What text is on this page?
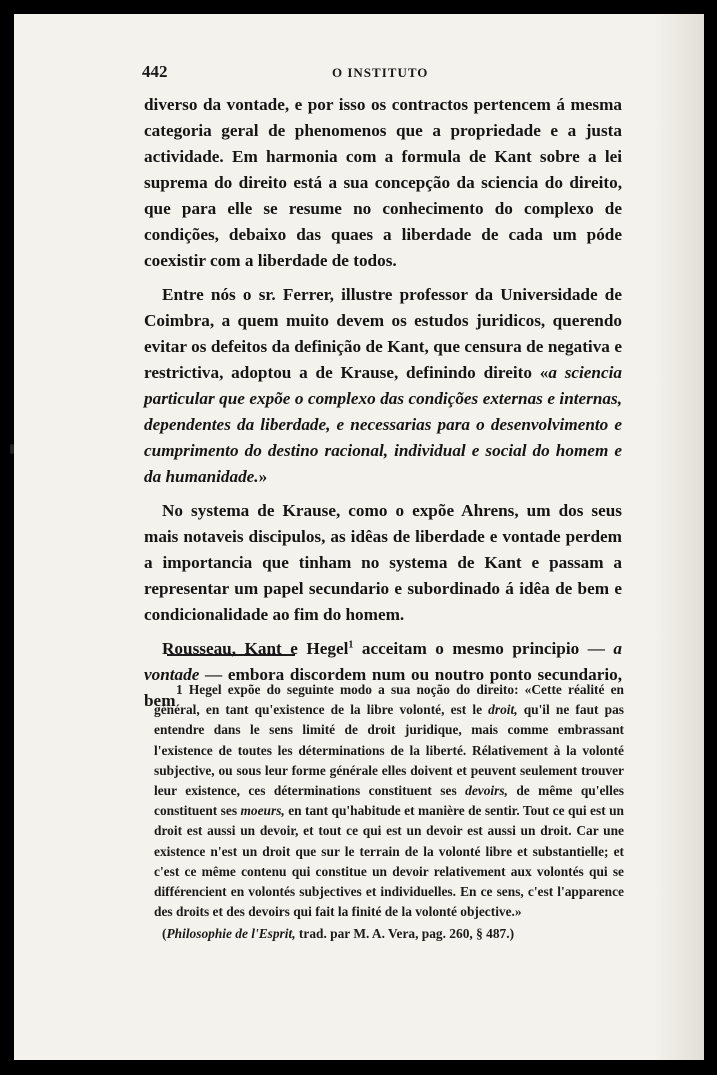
442	O INSTITUTO

diverso da vontade, e por isso os contractos pertencem á mesma categoria geral de phenomenos que a propriedade e a justa actividade. Em harmonia com a formula de Kant sobre a lei suprema do direito está a sua concepção da sciencia do direito, que para elle se resume no conhecimento do complexo de condições, debaixo das quaes a liberdade de cada um póde coexistir com a liberdade de todos.

Entre nós o sr. Ferrer, illustre professor da Universidade de Coimbra, a quem muito devem os estudos juridicos, querendo evitar os defeitos da definição de Kant, que censura de negativa e restrictiva, adoptou a de Krause, definindo direito «a sciencia particular que expõe o complexo das condições externas e internas, dependentes da liberdade, e necessarias para o desenvolvimento e cumprimento do destino racional, individual e social do homem e da humanidade.»

No systema de Krause, como o expõe Ahrens, um dos seus mais notaveis discipulos, as idêas de liberdade e vontade perdem a importancia que tinham no systema de Kant e passam a representar um papel secundario e subordinado á idêa de bem e condicionalidade ao fim do homem.

Rousseau, Kant e Hegel$^1$ acceitam o mesmo principio — a vontade — embora discordem num ou noutro ponto secundario, bem

1 Hegel expõe do seguinte modo a sua noção do direito: «Cette réalité en général, en tant qu'existence de la libre volonté, est le droit, qu'il ne faut pas entendre dans le sens limité de droit juridique, mais comme embrassant l'existence de toutes les déterminations de la liberté. Rélativement à la volonté subjective, ou sous leur forme générale elles doivent et peuvent seulement trouver leur existence, ces déterminations constituent ses devoirs, de même qu'elles constituent ses moeurs, en tant qu'habitude et manière de sentir. Tout ce qui est un droit est aussi un devoir, et tout ce qui est un devoir est aussi un droit. Car une existence n'est un droit que sur le terrain de la volonté libre et substantielle; et c'est ce même contenu qui constitue un devoir relativement aux volontés qui se différencient en volontés subjectives et individuelles. En ce sens, c'est l'apparence des droits et des devoirs qui fait la finité de la volonté objective.»

(Philosophie de l'Esprit, trad. par M. A. Vera, pag. 260, § 487.)
